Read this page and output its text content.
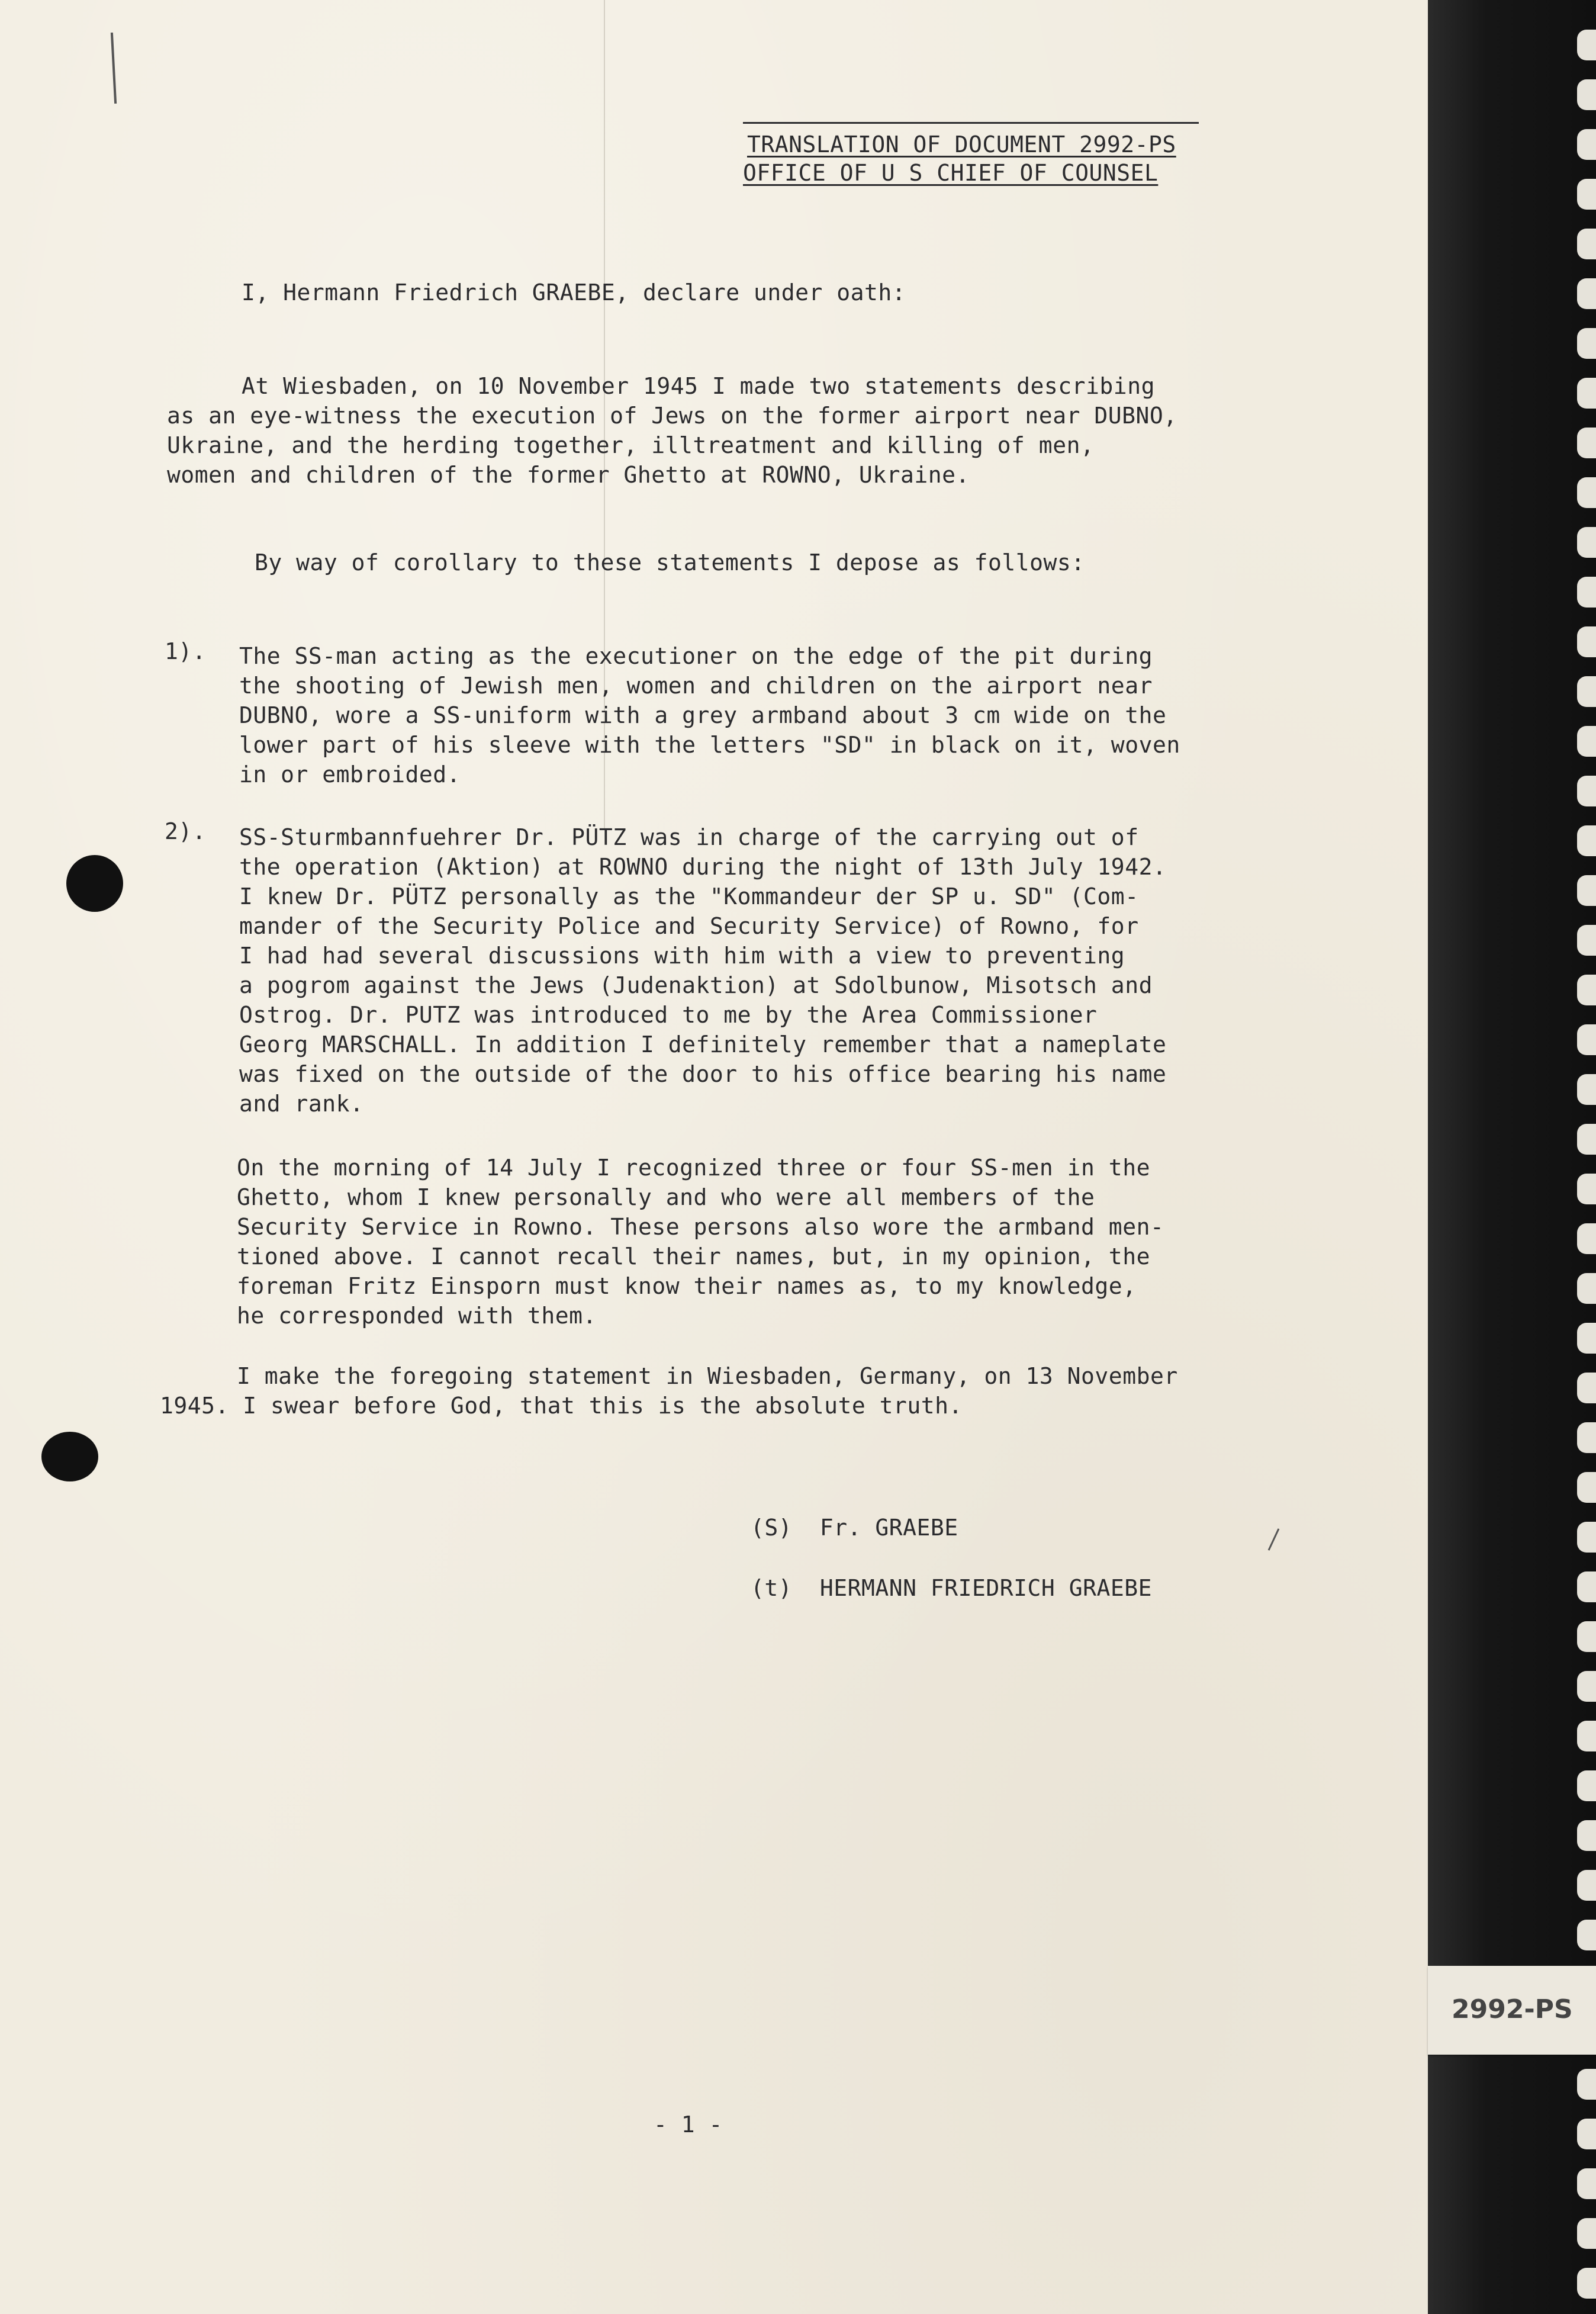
TRANSLATION OF DOCUMENT 2992-PS
OFFICE OF U S CHIEF OF COUNSEL
I, Hermann Friedrich GRAEBE, declare under oath:
At Wiesbaden, on 10 November 1945 I made two statements describing
as an eye-witness the execution of Jews on the former airport near DUBNO,
Ukraine, and the herding together, illtreatment and killing of men,
women and children of the former Ghetto at ROWNO, Ukraine.
By way of corollary to these statements I depose as follows:
1). The SS-man acting as the executioner on the edge of the pit during
the shooting of Jewish men, women and children on the airport near
DUBNO, wore a SS-uniform with a grey armband about 3 cm wide on the
lower part of his sleeve with the letters "SD" in black on it, woven
in or embroided.
2). SS-Sturmbannfuehrer Dr. PÜTZ was in charge of the carrying out of
the operation (Aktion) at ROWNO during the night of 13th July 1942.
I knew Dr. PÜTZ personally as the "Kommandeur der SP u. SD" (Com-
mander of the Security Police and Security Service) of Rowno, for
I had had several discussions with him with a view to preventing
a pogrom against the Jews (Judenaktion) at Sdolbunow, Misotsch and
Ostrog. Dr. PUTZ was introduced to me by the Area Commissioner
Georg MARSCHALL. In addition I definitely remember that a nameplate
was fixed on the outside of the door to his office bearing his name
and rank.
On the morning of 14 July I recognized three or four SS-men in the
Ghetto, whom I knew personally and who were all members of the
Security Service in Rowno. These persons also wore the armband men-
tioned above. I cannot recall their names, but, in my opinion, the
foreman Fritz Einsporn must know their names as, to my knowledge,
he corresponded with them.
I make the foregoing statement in Wiesbaden, Germany, on 13 November
1945. I swear before God, that this is the absolute truth.
(S)  Fr. GRAEBE
(t)  HERMANN FRIEDRICH GRAEBE
- 1 -
2992-PS
